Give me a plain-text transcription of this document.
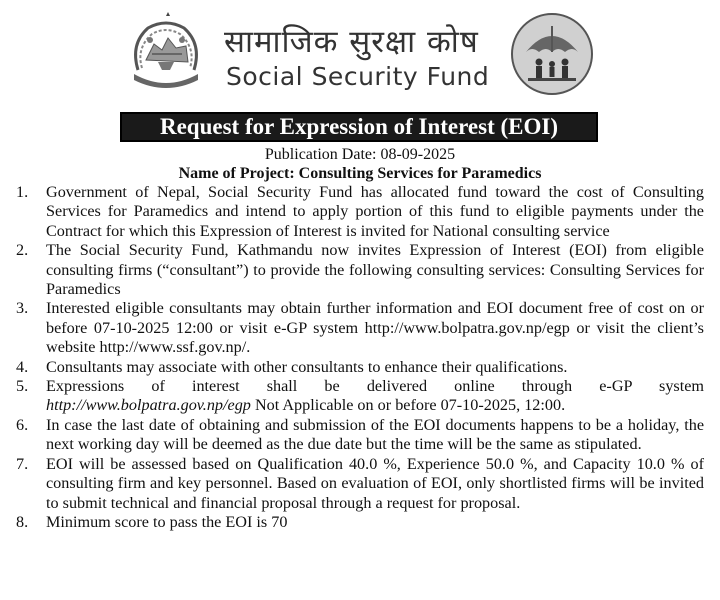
सामाजिक सुरक्षा कोष
Social Security Fund
Request for Expression of Interest (EOI)
Publication Date: 08-09-2025
Name of Project: Consulting Services for Paramedics
1. Government of Nepal, Social Security Fund has allocated fund toward the cost of Consulting Services for Paramedics and intend to apply portion of this fund to eligible payments under the Contract for which this Expression of Interest is invited for National consulting service
2. The Social Security Fund, Kathmandu now invites Expression of Interest (EOI) from eligible consulting firms (“consultant”) to provide the following consulting services: Consulting Services for Paramedics
3. Interested eligible consultants may obtain further information and EOI document free of cost on or before 07-10-2025 12:00 or visit e-GP system http://www.bolpatra.gov.np/egp or visit the client’s website http://www.ssf.gov.np/.
4. Consultants may associate with other consultants to enhance their qualifications.
5. Expressions of interest shall be delivered online through e-GP system http://www.bolpatra.gov.np/egp Not Applicable on or before 07-10-2025, 12:00.
6. In case the last date of obtaining and submission of the EOI documents happens to be a holiday, the next working day will be deemed as the due date but the time will be the same as stipulated.
7. EOI will be assessed based on Qualification 40.0 %, Experience 50.0 %, and Capacity 10.0 % of consulting firm and key personnel. Based on evaluation of EOI, only shortlisted firms will be invited to submit technical and financial proposal through a request for proposal.
8. Minimum score to pass the EOI is 70
